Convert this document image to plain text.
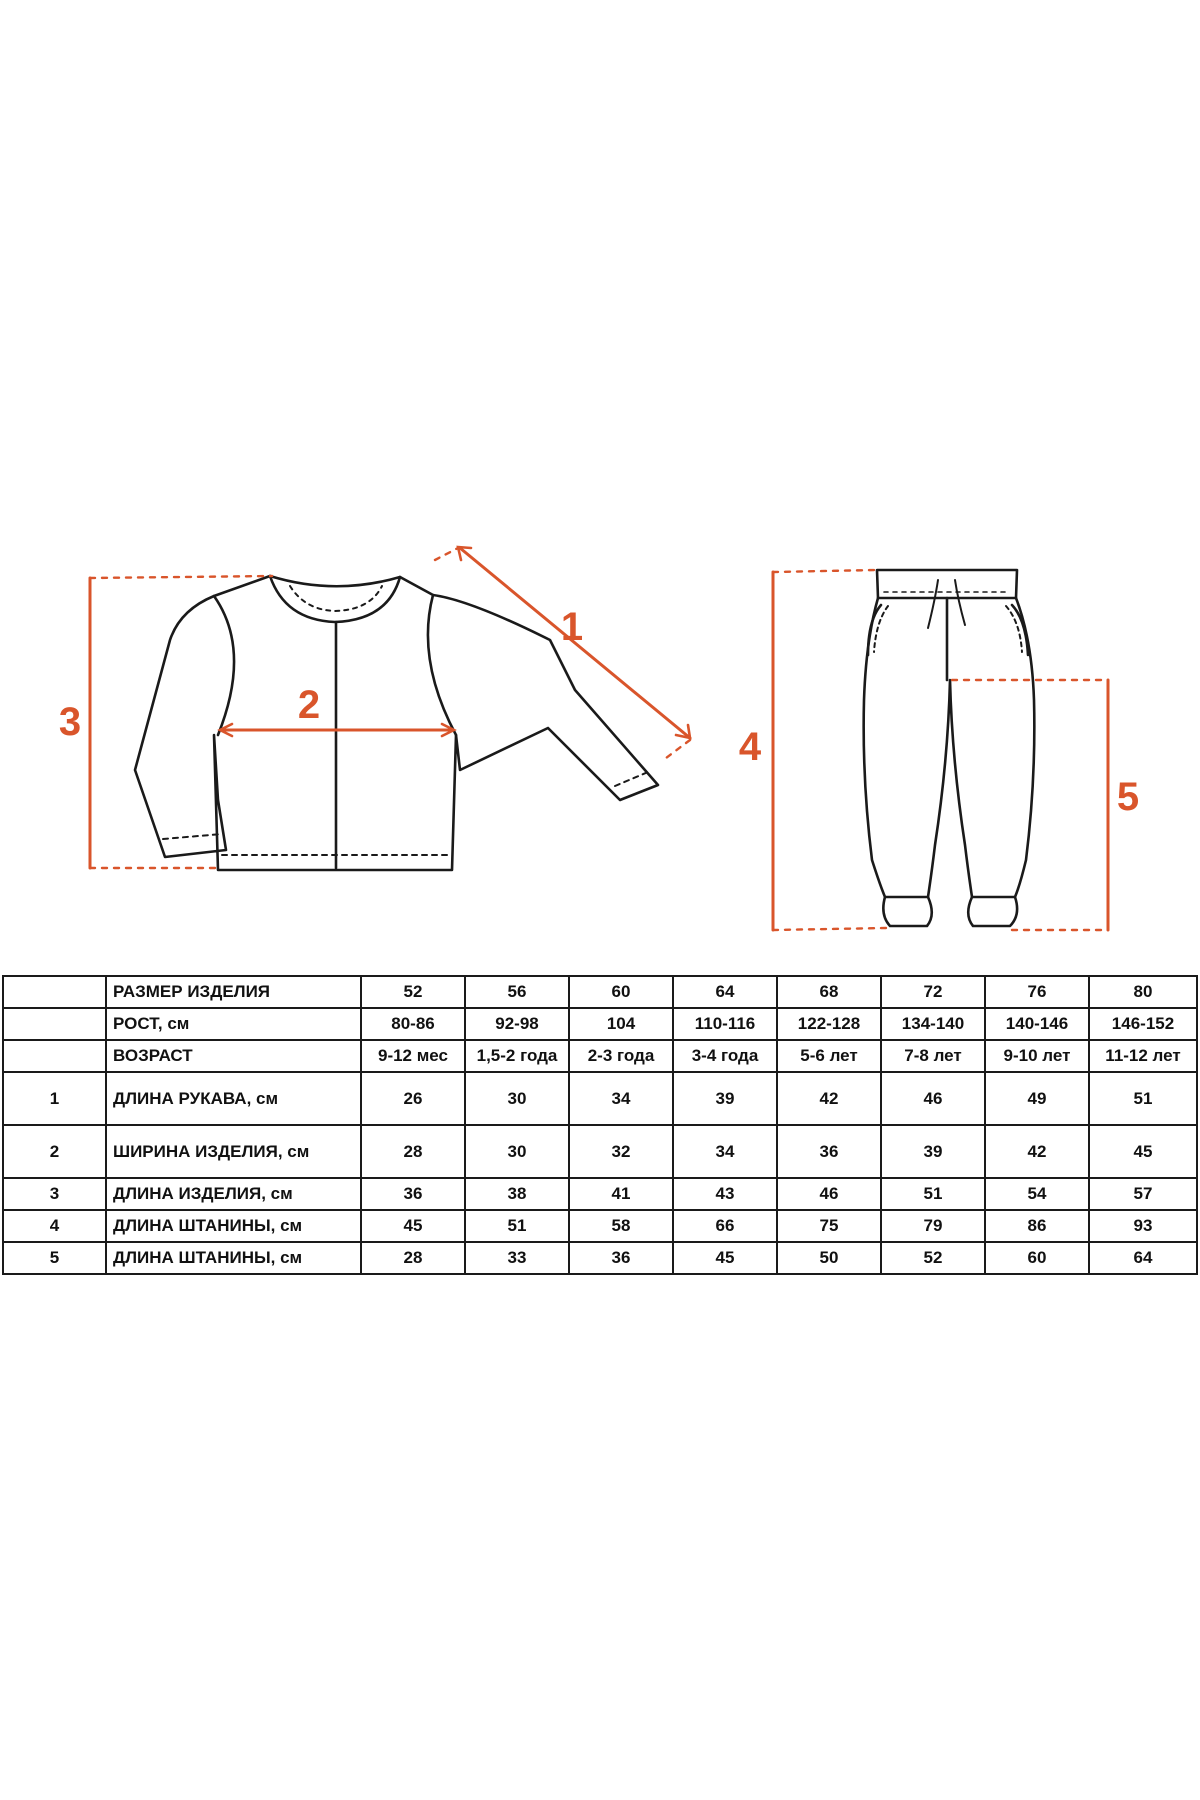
1
2
3
4
5
	РАЗМЕР ИЗДЕЛИЯ	52	56	60	64	68	72	76	80
	РОСТ, см	80-86	92-98	104	110-116	122-128	134-140	140-146	146-152
	ВОЗРАСТ	9-12 мес	1,5-2 года	2-3 года	3-4 года	5-6 лет	7-8 лет	9-10 лет	11-12 лет
1	ДЛИНА РУКАВА, см	26	30	34	39	42	46	49	51
2	ШИРИНА ИЗДЕЛИЯ, см	28	30	32	34	36	39	42	45
3	ДЛИНА ИЗДЕЛИЯ, см	36	38	41	43	46	51	54	57
4	ДЛИНА ШТАНИНЫ, см	45	51	58	66	75	79	86	93
5	ДЛИНА ШТАНИНЫ, см	28	33	36	45	50	52	60	64
